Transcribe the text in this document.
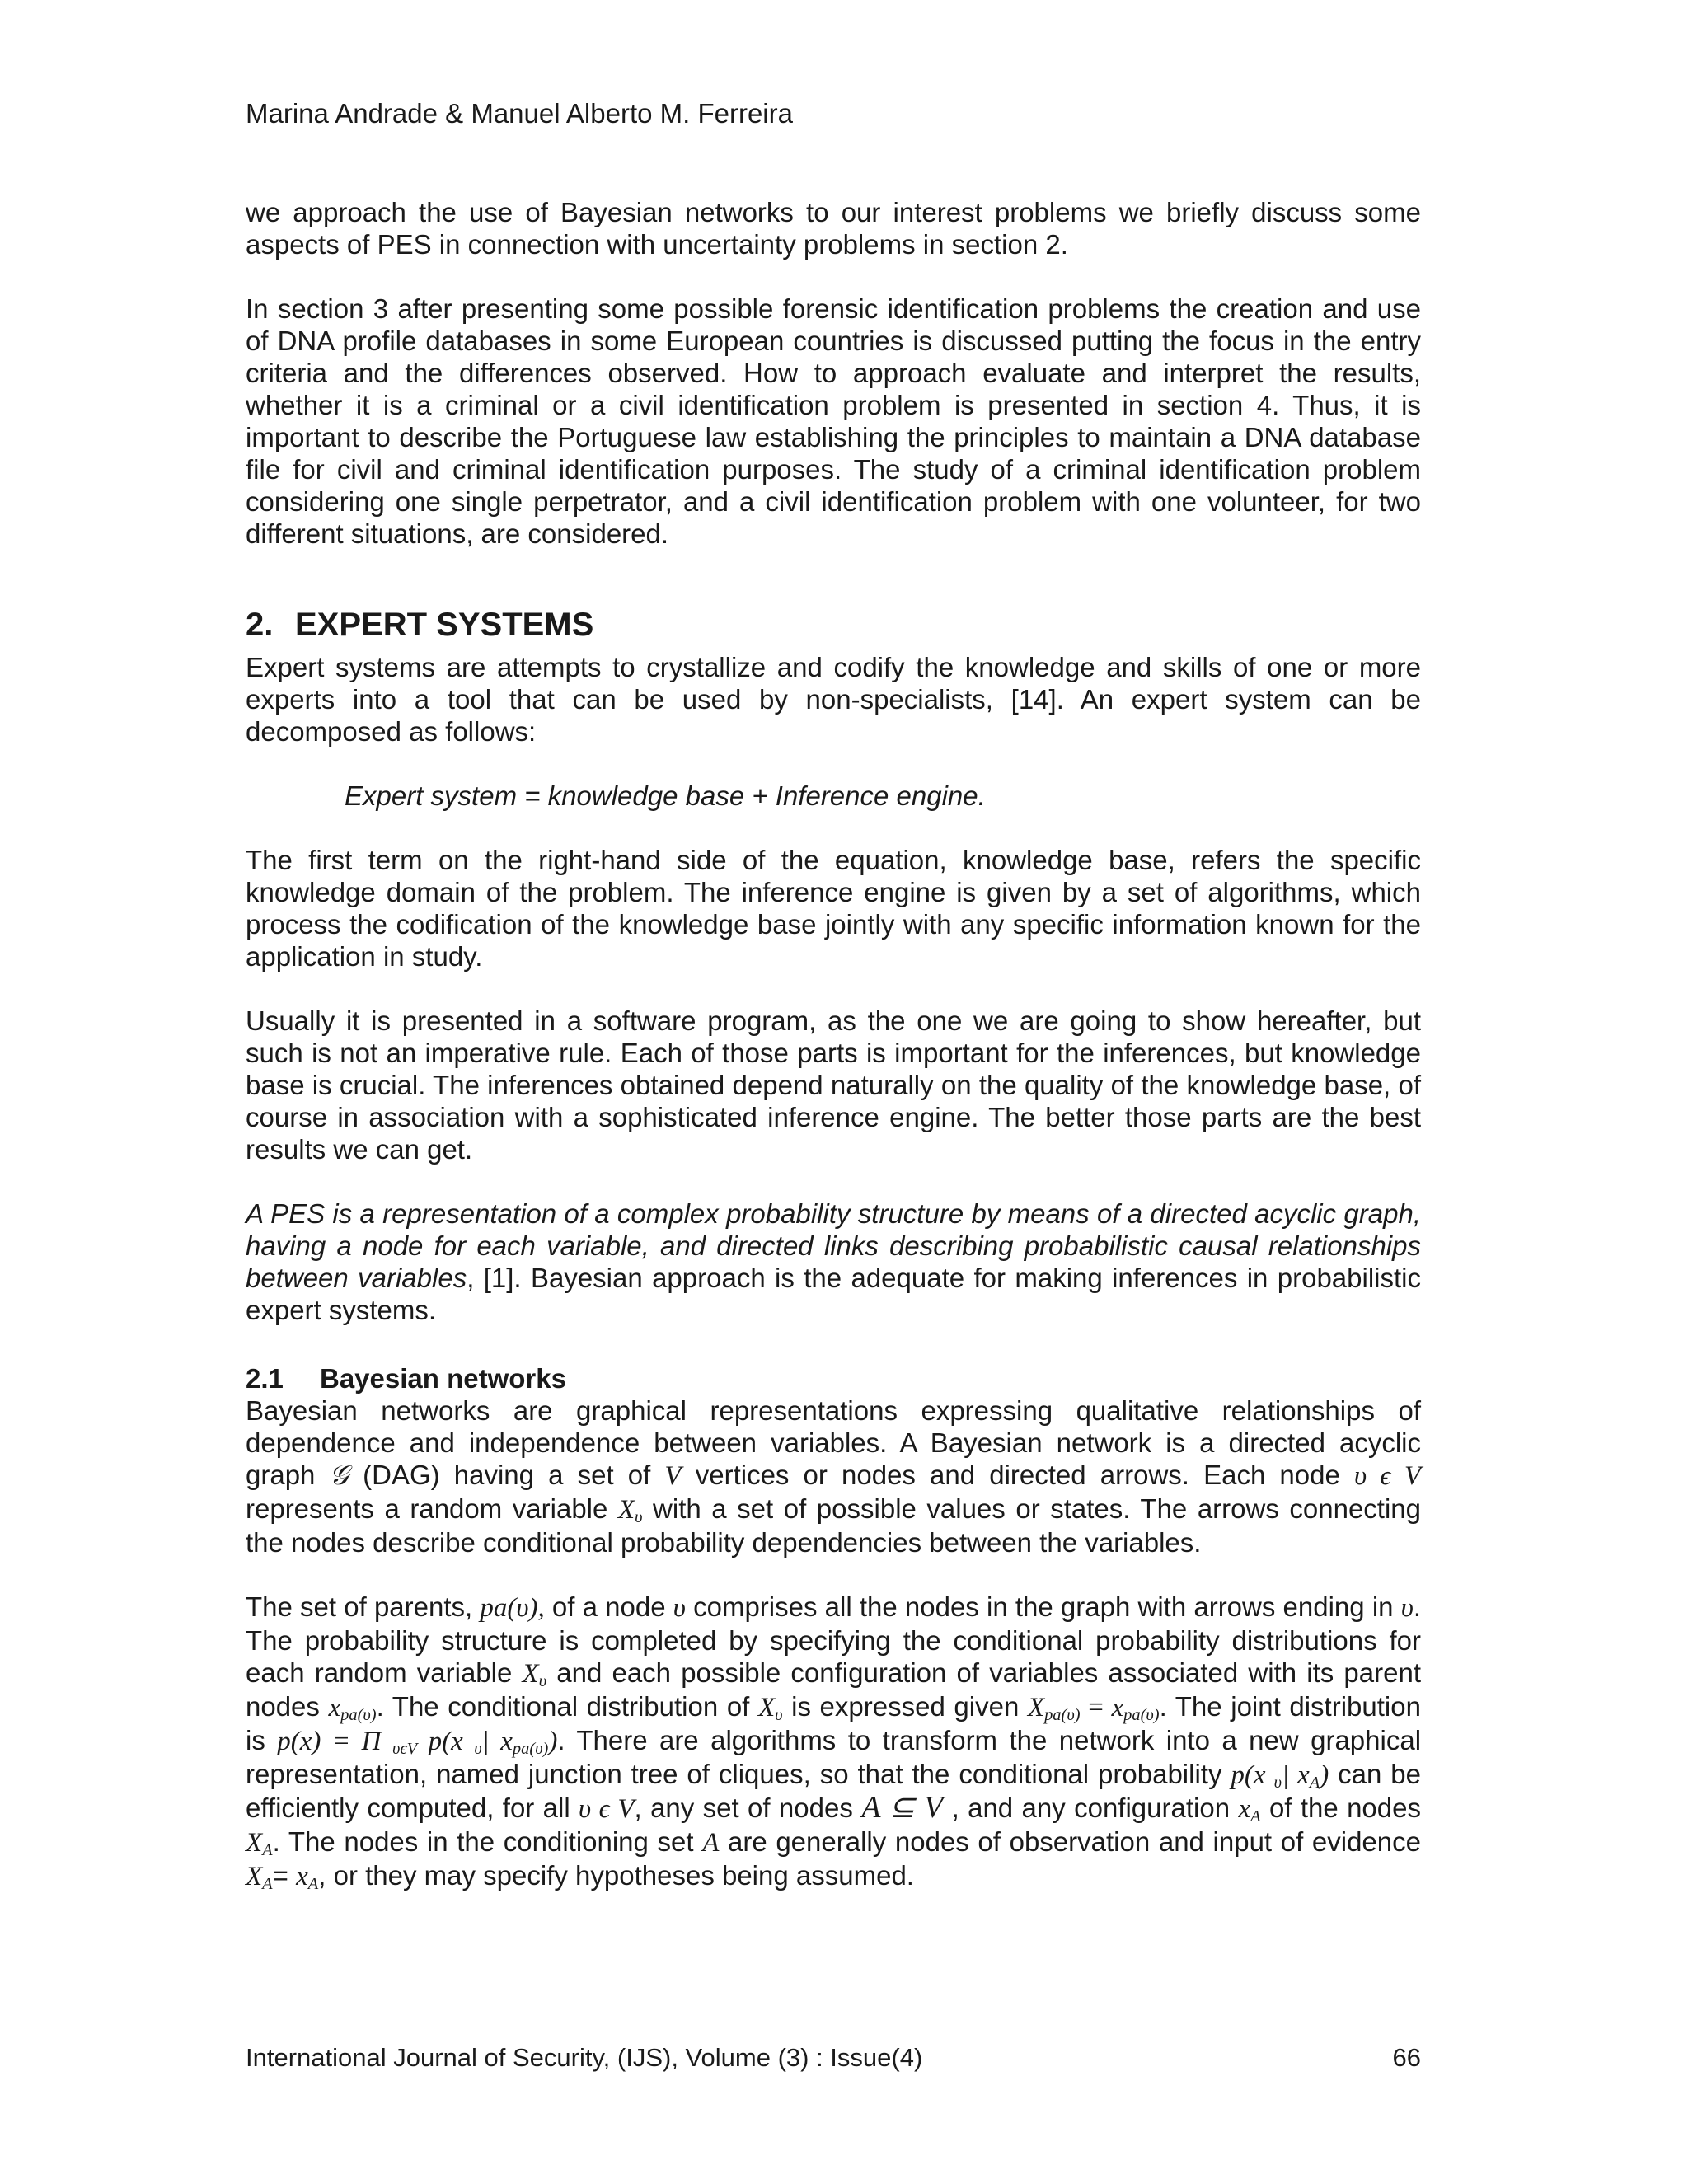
Marina Andrade & Manuel Alberto M. Ferreira

we approach the use of Bayesian networks to our interest problems we briefly discuss some aspects of PES in connection with uncertainty problems in section 2.

In section 3 after presenting some possible forensic identification problems the creation and use of DNA profile databases in some European countries is discussed putting the focus in the entry criteria and the differences observed. How to approach evaluate and interpret the results, whether it is a criminal or a civil identification problem is presented in section 4. Thus, it is important to describe the Portuguese law establishing the principles to maintain a DNA database file for civil and criminal identification purposes. The study of a criminal identification problem considering one single perpetrator, and a civil identification problem with one volunteer, for two different situations, are considered.

2. EXPERT SYSTEMS

Expert systems are attempts to crystallize and codify the knowledge and skills of one or more experts into a tool that can be used by non-specialists, [14]. An expert system can be decomposed as follows:

Expert system = knowledge base + Inference engine.

The first term on the right-hand side of the equation, knowledge base, refers the specific knowledge domain of the problem. The inference engine is given by a set of algorithms, which process the codification of the knowledge base jointly with any specific information known for the application in study.

Usually it is presented in a software program, as the one we are going to show hereafter, but such is not an imperative rule. Each of those parts is important for the inferences, but knowledge base is crucial. The inferences obtained depend naturally on the quality of the knowledge base, of course in association with a sophisticated inference engine. The better those parts are the best results we can get.

A PES is a representation of a complex probability structure by means of a directed acyclic graph, having a node for each variable, and directed links describing probabilistic causal relationships between variables, [1]. Bayesian approach is the adequate for making inferences in probabilistic expert systems.

2.1 Bayesian networks

Bayesian networks are graphical representations expressing qualitative relationships of dependence and independence between variables. A Bayesian network is a directed acyclic graph 𝒢 (DAG) having a set of V vertices or nodes and directed arrows. Each node υ ϵ V represents a random variable $X_\upsilon$ with a set of possible values or states. The arrows connecting the nodes describe conditional probability dependencies between the variables.

The set of parents, pa(υ), of a node υ comprises all the nodes in the graph with arrows ending in υ. The probability structure is completed by specifying the conditional probability distributions for each random variable $X_\upsilon$ and each possible configuration of variables associated with its parent nodes $x_{pa(\upsilon)}$. The conditional distribution of $X_\upsilon$ is expressed given $X_{pa(\upsilon)} = x_{pa(\upsilon)}$. The joint distribution is p(x) = Π $_{\upsilon\epsilon V}$ p(x $_\upsilon$| $x_{pa(\upsilon)}$). There are algorithms to transform the network into a new graphical representation, named junction tree of cliques, so that the conditional probability p(x $_\upsilon$| $x_A$) can be efficiently computed, for all υ ϵ V, any set of nodes A ⊆ V , and any configuration $x_A$ of the nodes $X_A$. The nodes in the conditioning set A are generally nodes of observation and input of evidence $X_A= x_A$, or they may specify hypotheses being assumed.

International Journal of Security, (IJS), Volume (3) : Issue(4)	66
